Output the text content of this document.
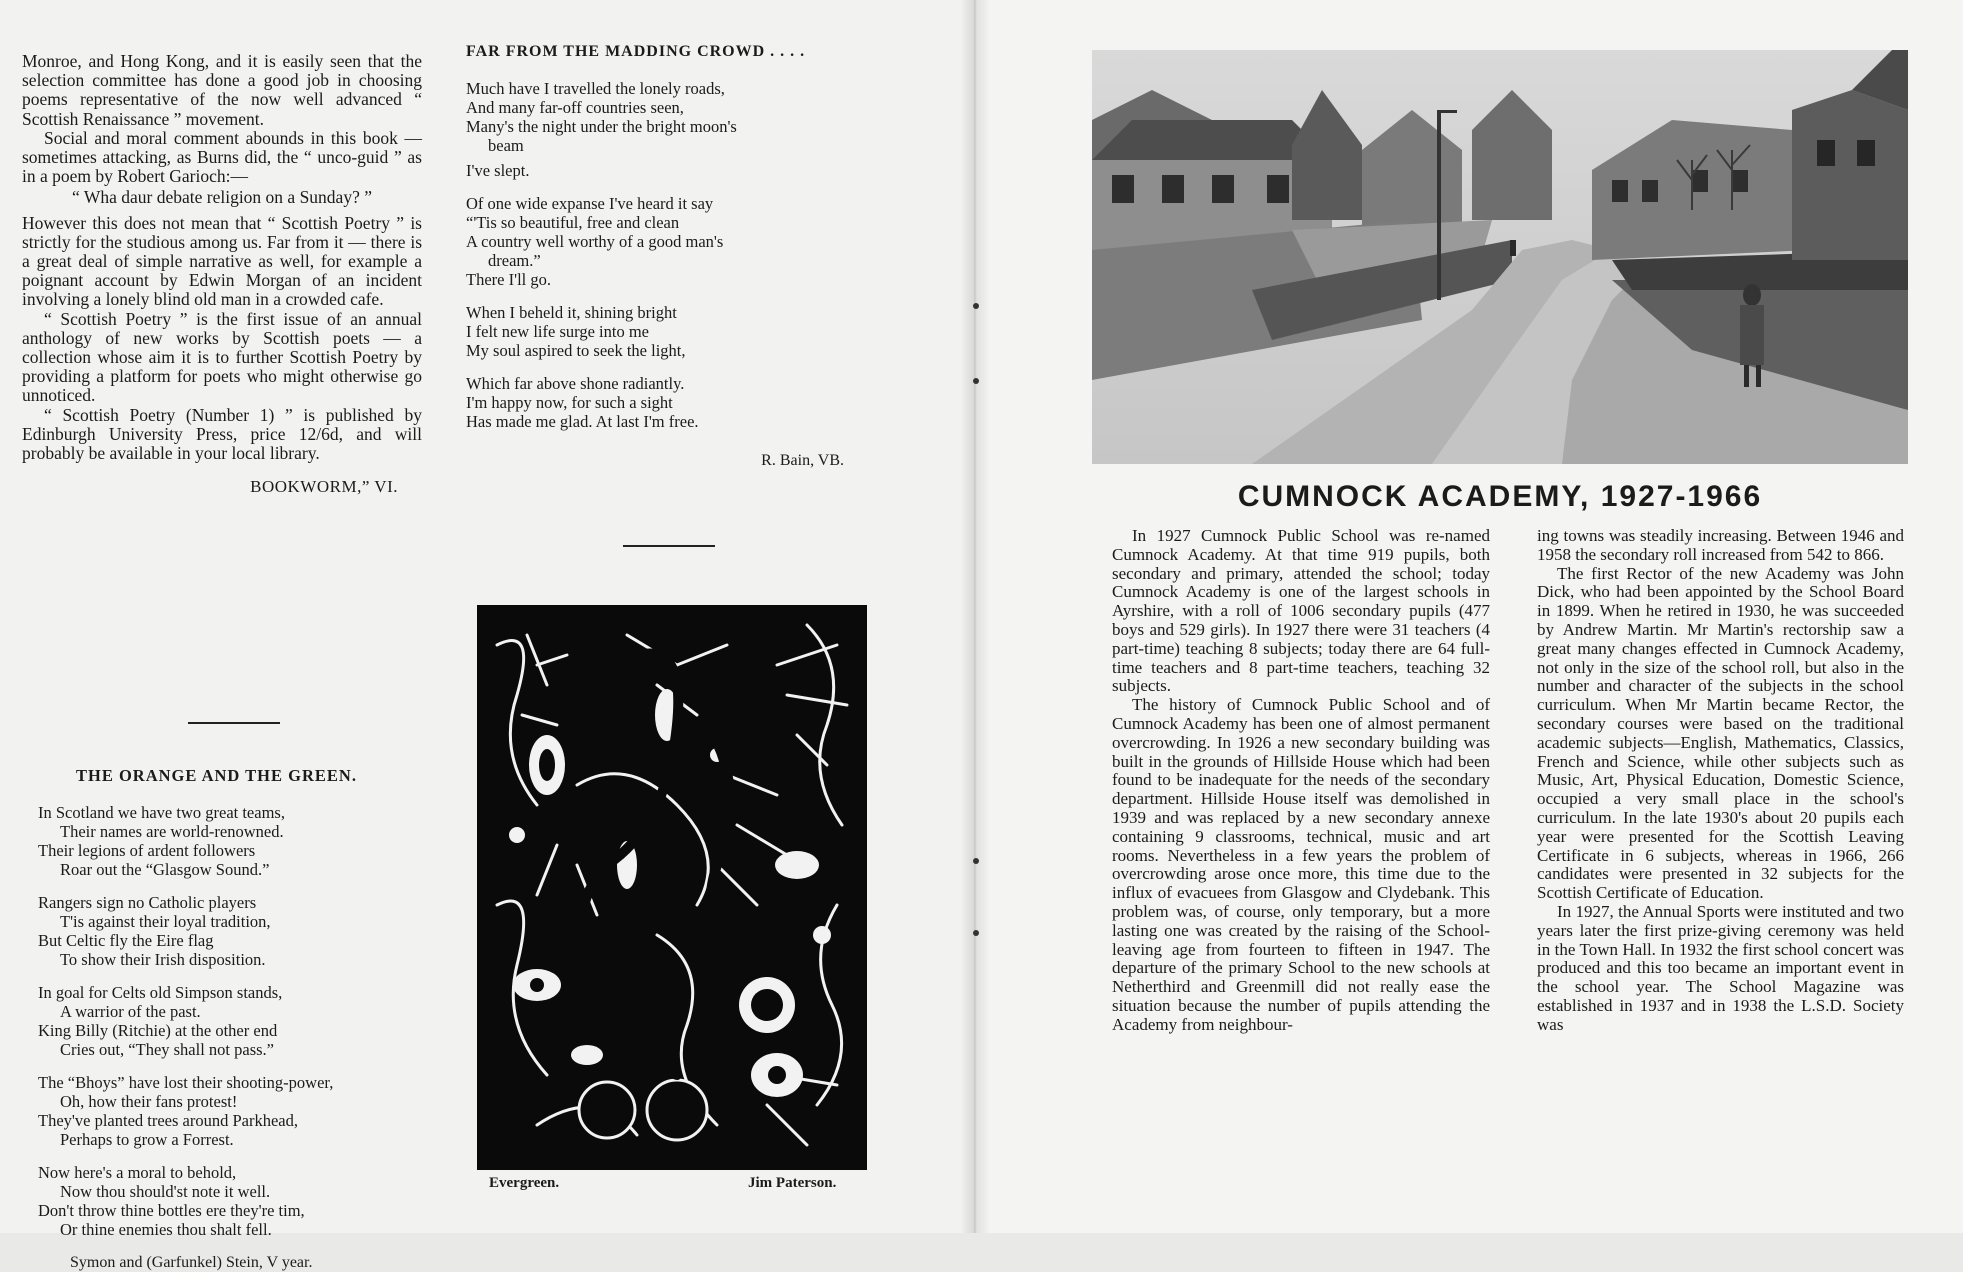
Monroe, and Hong Kong, and it is easily seen that the selection committee has done a good job in choosing poems representative of the now well advanced “ Scottish Renaissance ” movement.

Social and moral comment abounds in this book — sometimes attacking, as Burns did, the “ unco-guid ” as in a poem by Robert Garioch:—

“ Wha daur debate religion on a Sunday? ”

However this does not mean that “ Scottish Poetry ” is strictly for the studious among us. Far from it — there is a great deal of simple narrative as well, for example a poignant account by Edwin Morgan of an incident involving a lonely blind old man in a crowded cafe.

“ Scottish Poetry ” is the first issue of an annual anthology of new works by Scottish poets — a collection whose aim it is to further Scottish Poetry by providing a platform for poets who might otherwise go unnoticed.

“ Scottish Poetry (Number 1) ” is published by Edinburgh University Press, price 12/6d, and will probably be available in your local library.

BOOKWORM,” VI.
THE ORANGE AND THE GREEN.
In Scotland we have two great teams,
Their names are world-renowned.
Their legions of ardent followers
Roar out the “Glasgow Sound.”
Rangers sign no Catholic players
T'is against their loyal tradition,
But Celtic fly the Eire flag
To show their Irish disposition.
In goal for Celts old Simpson stands,
A warrior of the past.
King Billy (Ritchie) at the other end
Cries out, “They shall not pass.”
The “Bhoys” have lost their shooting-power,
Oh, how their fans protest!
They've planted trees around Parkhead,
Perhaps to grow a Forrest.
Now here's a moral to behold,
Now thou should'st note it well.
Don't throw thine bottles ere they're tim,
Or thine enemies thou shalt fell.
Symon and (Garfunkel) Stein, V year.
FAR FROM THE MADDING CROWD . . . .
Much have I travelled the lonely roads,
And many far-off countries seen,
Many's the night under the bright moon's
beam
I've slept.
Of one wide expanse I've heard it say
“'Tis so beautiful, free and clean
A country well worthy of a good man's
dream.”
There I'll go.
When I beheld it, shining bright
I felt new life surge into me
My soul aspired to seek the light,
Which far above shone radiantly.
I'm happy now, for such a sight
Has made me glad. At last I'm free.
R. Bain, VB.
Evergreen.	Jim Paterson.
CUMNOCK ACADEMY, 1927-1966

In 1927 Cumnock Public School was re-named Cumnock Academy. At that time 919 pupils, both secondary and primary, attended the school; today Cumnock Academy is one of the largest schools in Ayrshire, with a roll of 1006 secondary pupils (477 boys and 529 girls). In 1927 there were 31 teachers (4 part-time) teaching 8 subjects; today there are 64 full-time teachers and 8 part-time teachers, teaching 32 subjects.

The history of Cumnock Public School and of Cumnock Academy has been one of almost permanent overcrowding. In 1926 a new secondary building was built in the grounds of Hillside House which had been found to be inadequate for the needs of the secondary department. Hillside House itself was demolished in 1939 and was replaced by a new secondary annexe containing 9 classrooms, technical, music and art rooms. Nevertheless in a few years the problem of overcrowding arose once more, this time due to the influx of evacuees from Glasgow and Clydebank. This problem was, of course, only temporary, but a more lasting one was created by the raising of the School-leaving age from fourteen to fifteen in 1947. The departure of the primary School to the new schools at Netherthird and Greenmill did not really ease the situation because the number of pupils attending the Academy from neighbour-

ing towns was steadily increasing. Between 1946 and 1958 the secondary roll increased from 542 to 866.

The first Rector of the new Academy was John Dick, who had been appointed by the School Board in 1899. When he retired in 1930, he was succeeded by Andrew Martin. Mr Martin's rectorship saw a great many changes effected in Cumnock Academy, not only in the size of the school roll, but also in the number and character of the subjects in the school curriculum. When Mr Martin became Rector, the secondary courses were based on the traditional academic subjects—English, Mathematics, Classics, French and Science, while other subjects such as Music, Art, Physical Education, Domestic Science, occupied a very small place in the school's curriculum. In the late 1930's about 20 pupils each year were presented for the Scottish Leaving Certificate in 6 subjects, whereas in 1966, 266 candidates were presented in 32 subjects for the Scottish Certificate of Education.

In 1927, the Annual Sports were instituted and two years later the first prize-giving ceremony was held in the Town Hall. In 1932 the first school concert was produced and this too became an important event in the school year. The School Magazine was established in 1937 and in 1938 the L.S.D. Society was
